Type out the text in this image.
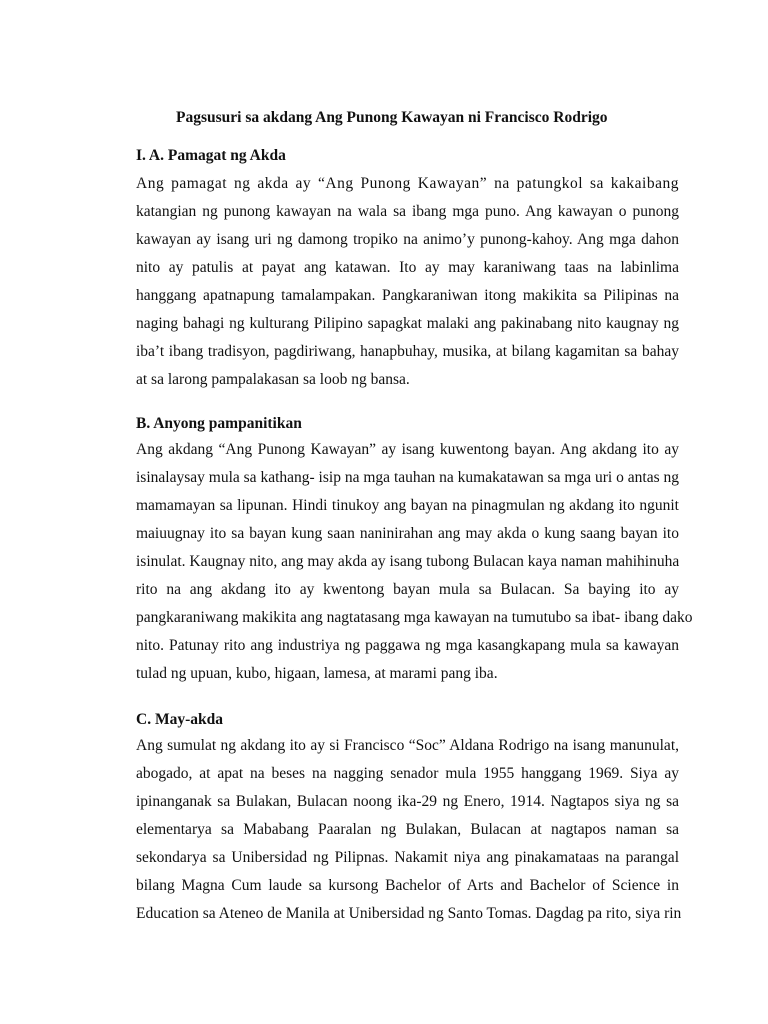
Pagsusuri sa akdang Ang Punong Kawayan ni Francisco Rodrigo
I. A. Pamagat ng Akda
Ang pamagat ng akda ay “Ang Punong Kawayan” na patungkol sa kakaibang
katangian ng punong kawayan na wala sa ibang mga puno. Ang kawayan o punong
kawayan ay isang uri ng damong tropiko na animo’y punong-kahoy. Ang mga dahon
nito ay patulis at payat ang katawan. Ito ay may karaniwang taas na labinlima
hanggang apatnapung tamalampakan. Pangkaraniwan itong makikita sa Pilipinas na
naging bahagi ng kulturang Pilipino sapagkat malaki ang pakinabang nito kaugnay ng
iba’t ibang tradisyon, pagdiriwang, hanapbuhay, musika, at bilang kagamitan sa bahay
at sa larong pampalakasan sa loob ng bansa.
B. Anyong pampanitikan
Ang akdang “Ang Punong Kawayan” ay isang kuwentong bayan. Ang akdang ito ay
isinalaysay mula sa kathang- isip na mga tauhan na kumakatawan sa mga uri o antas ng
mamamayan sa lipunan. Hindi tinukoy ang bayan na pinagmulan ng akdang ito ngunit
maiuugnay ito sa bayan kung saan naninirahan ang may akda o kung saang bayan ito
isinulat. Kaugnay nito, ang may akda ay isang tubong Bulacan kaya naman mahihinuha
rito na ang akdang ito ay kwentong bayan mula sa Bulacan. Sa baying ito ay
pangkaraniwang makikita ang nagtatasang mga kawayan na tumutubo sa ibat- ibang dako
nito. Patunay rito ang industriya ng paggawa ng mga kasangkapang mula sa kawayan
tulad ng upuan, kubo, higaan, lamesa, at marami pang iba.
C. May-akda
Ang sumulat ng akdang ito ay si Francisco “Soc” Aldana Rodrigo na isang manunulat,
abogado, at apat na beses na nagging senador mula 1955 hanggang 1969. Siya ay
ipinanganak sa Bulakan, Bulacan noong ika-29 ng Enero, 1914. Nagtapos siya ng sa
elementarya sa Mababang Paaralan ng Bulakan, Bulacan at nagtapos naman sa
sekondarya sa Unibersidad ng Pilipnas. Nakamit niya ang pinakamataas na parangal
bilang Magna Cum laude sa kursong Bachelor of Arts and Bachelor of Science in
Education sa Ateneo de Manila at Unibersidad ng Santo Tomas. Dagdag pa rito, siya rin
